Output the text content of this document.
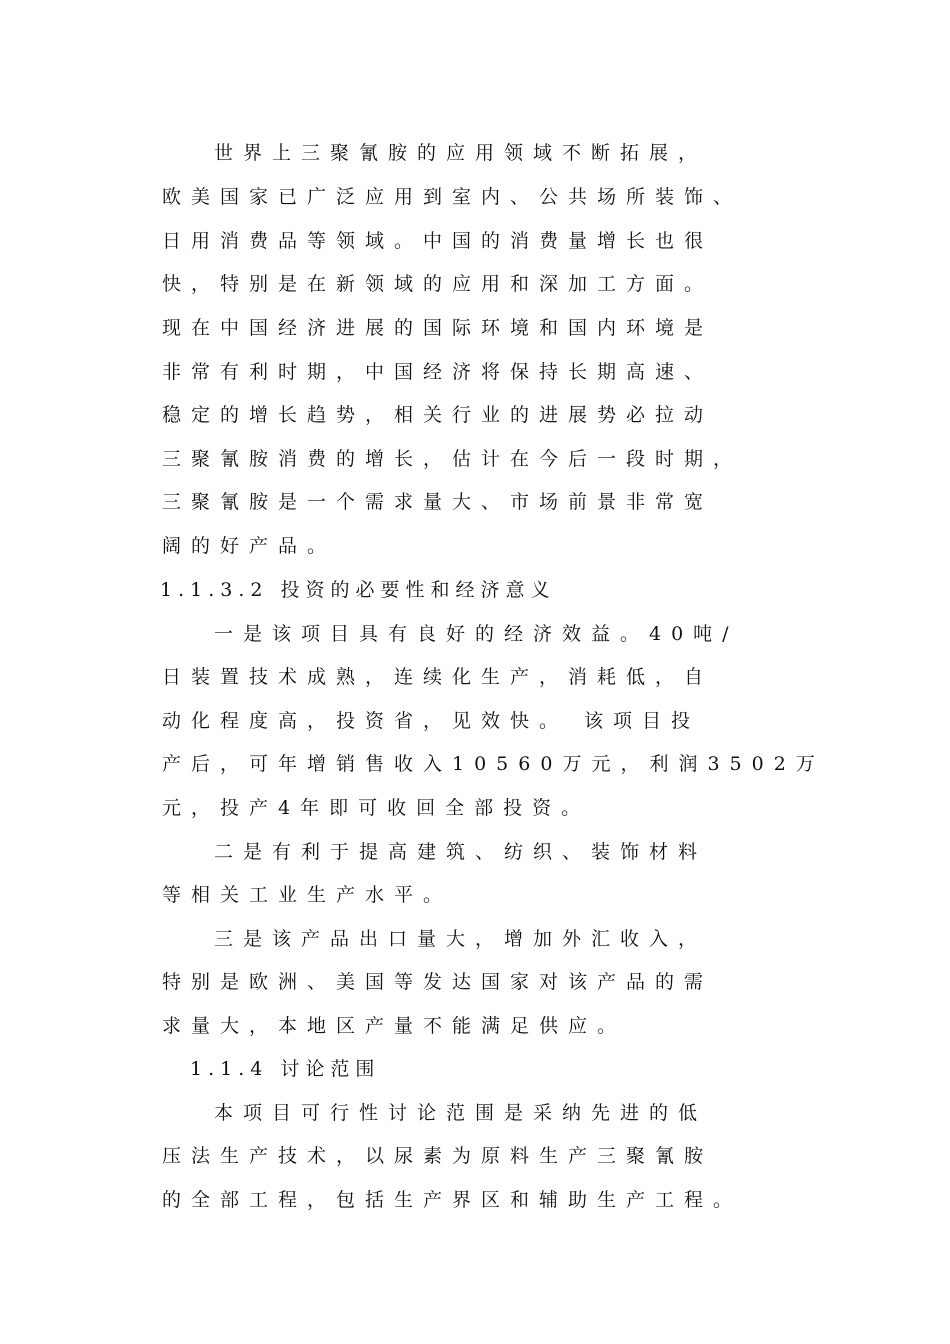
世界上三聚氰胺的应用领域不断拓展，
欧美国家已广泛应用到室内、公共场所装饰、
日用消费品等领域。中国的消费量增长也很
快，特别是在新领域的应用和深加工方面。
现在中国经济进展的国际环境和国内环境是
非常有利时期，中国经济将保持长期高速、
稳定的增长趋势，相关行业的进展势必拉动
三聚氰胺消费的增长，估计在今后一段时期，
三聚氰胺是一个需求量大、市场前景非常宽
阔的好产品。
1.1.3.2 投资的必要性和经济意义
一是该项目具有良好的经济效益。40吨/
日装置技术成熟，连续化生产，消耗低，自
动化程度高，投资省，见效快。 该项目投
产后，可年增销售收入10560万元，利润3502万
元，投产4年即可收回全部投资。
二是有利于提高建筑、纺织、装饰材料
等相关工业生产水平。
三是该产品出口量大，增加外汇收入，
特别是欧洲、美国等发达国家对该产品的需
求量大，本地区产量不能满足供应。
1.1.4 讨论范围
本项目可行性讨论范围是采纳先进的低
压法生产技术，以尿素为原料生产三聚氰胺
的全部工程，包括生产界区和辅助生产工程。
